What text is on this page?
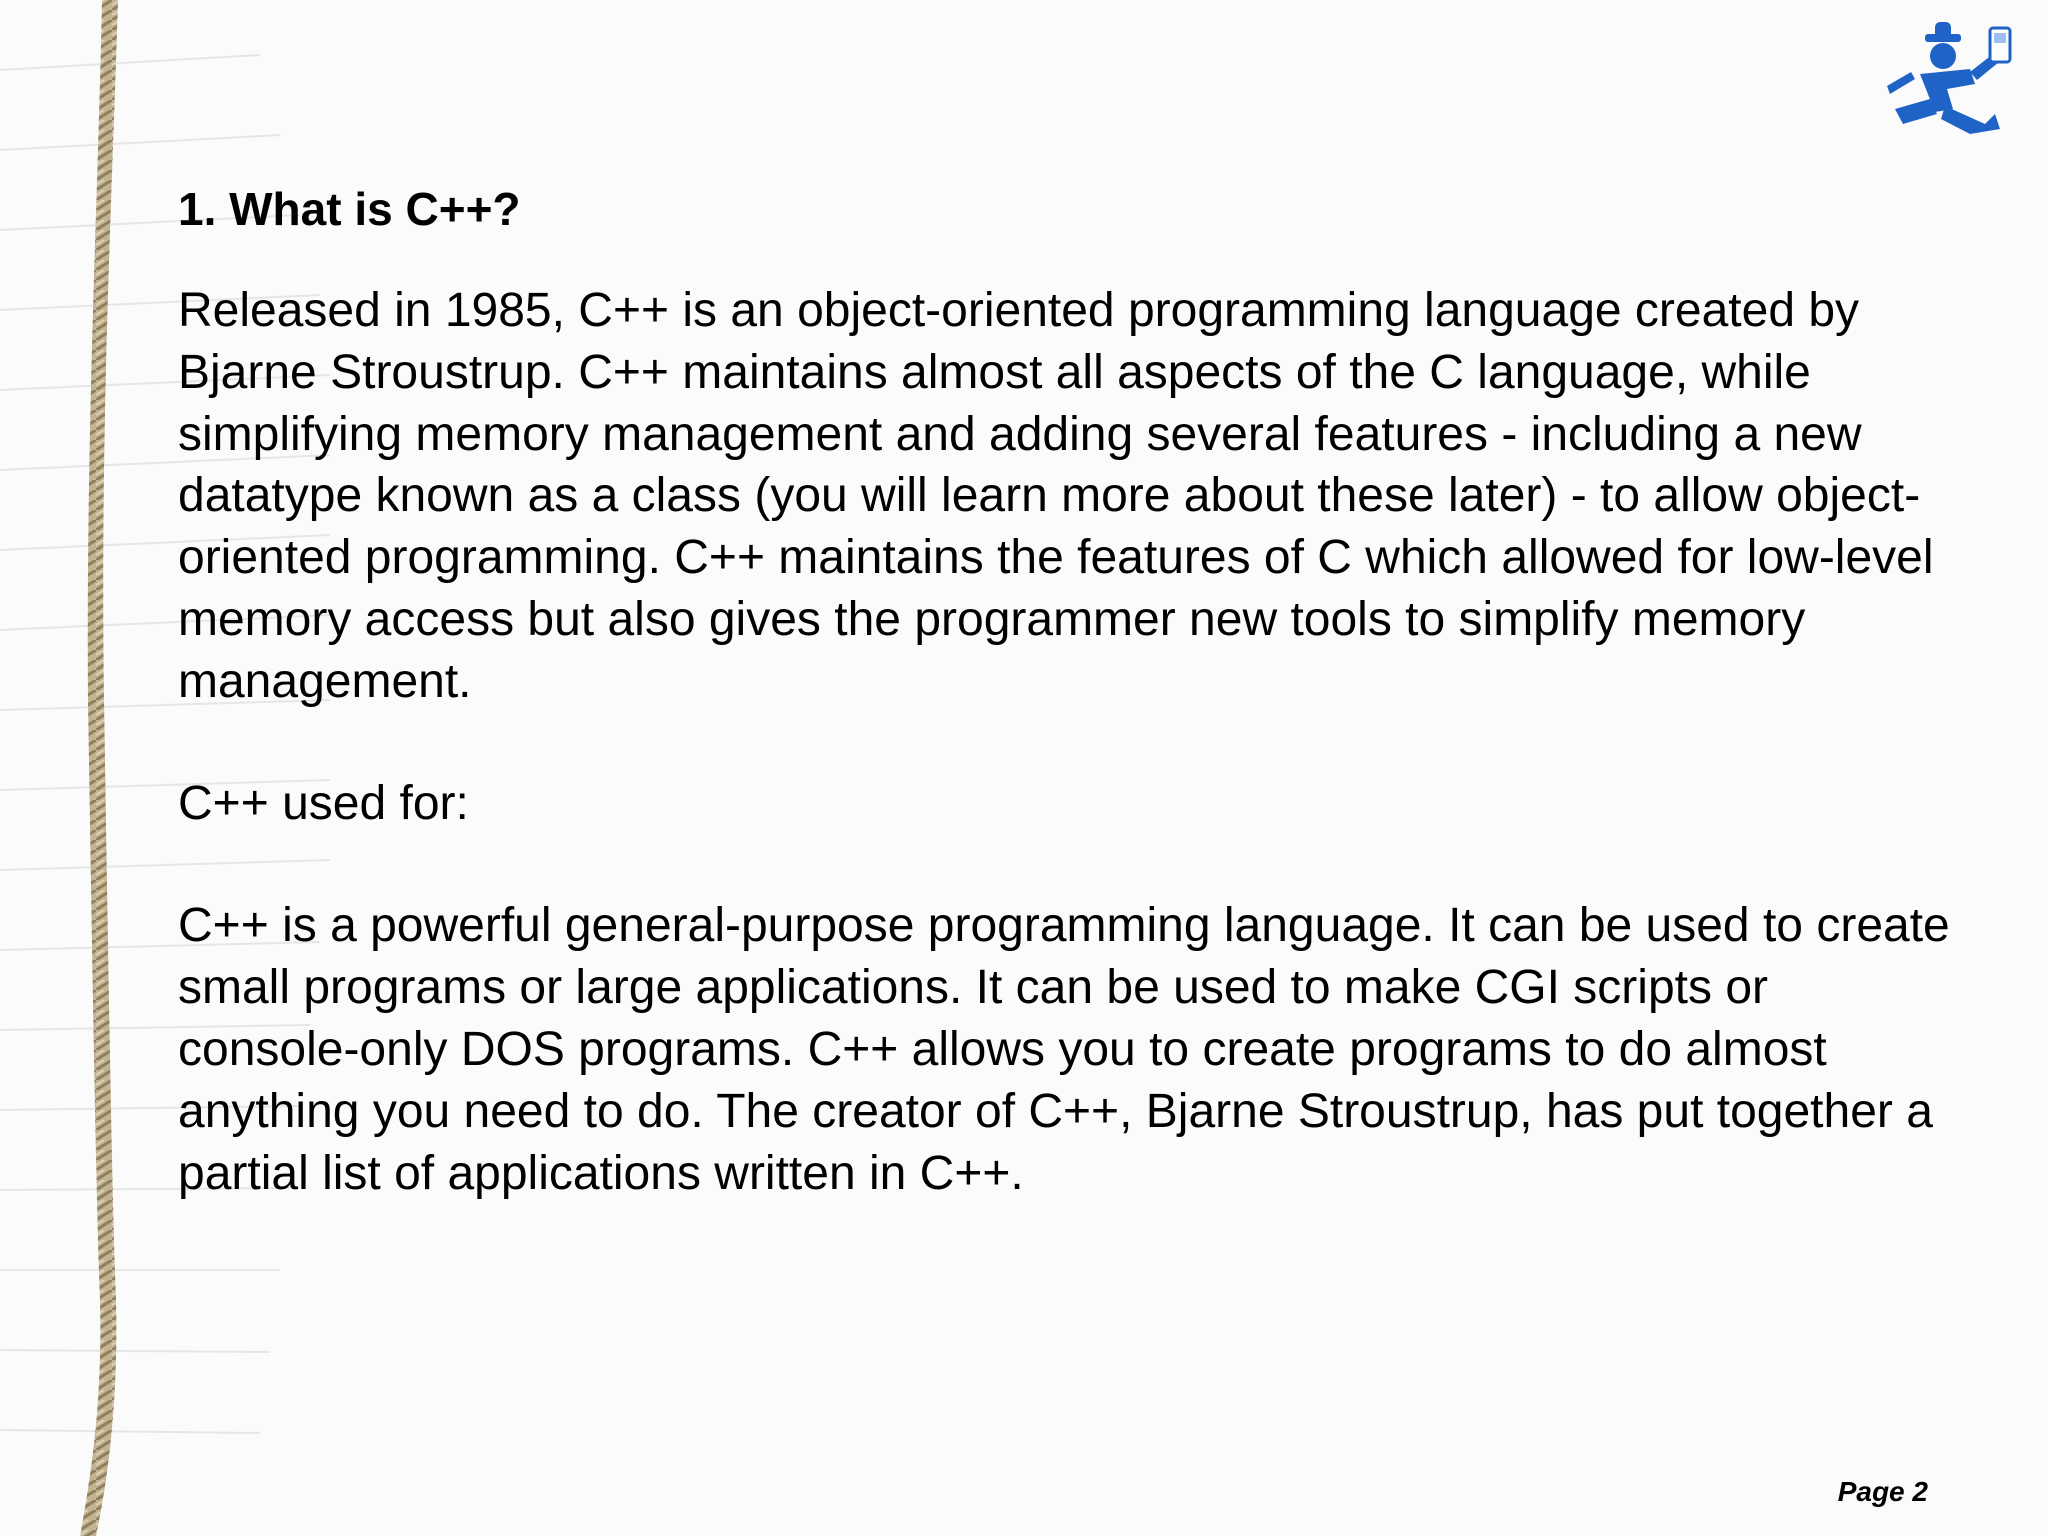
1. What is C++?

Released in 1985, C++ is an object-oriented programming language created by Bjarne Stroustrup. C++ maintains almost all aspects of the C language, while simplifying memory management and adding several features - including a new datatype known as a class (you will learn more about these later) - to allow object-oriented programming. C++ maintains the features of C which allowed for low-level memory access but also gives the programmer new tools to simplify memory management.

C++ used for:

C++ is a powerful general-purpose programming language. It can be used to create small programs or large applications. It can be used to make CGI scripts or console-only DOS programs. C++ allows you to create programs to do almost anything you need to do. The creator of C++, Bjarne Stroustrup, has put together a partial list of applications written in C++.

Page 2
